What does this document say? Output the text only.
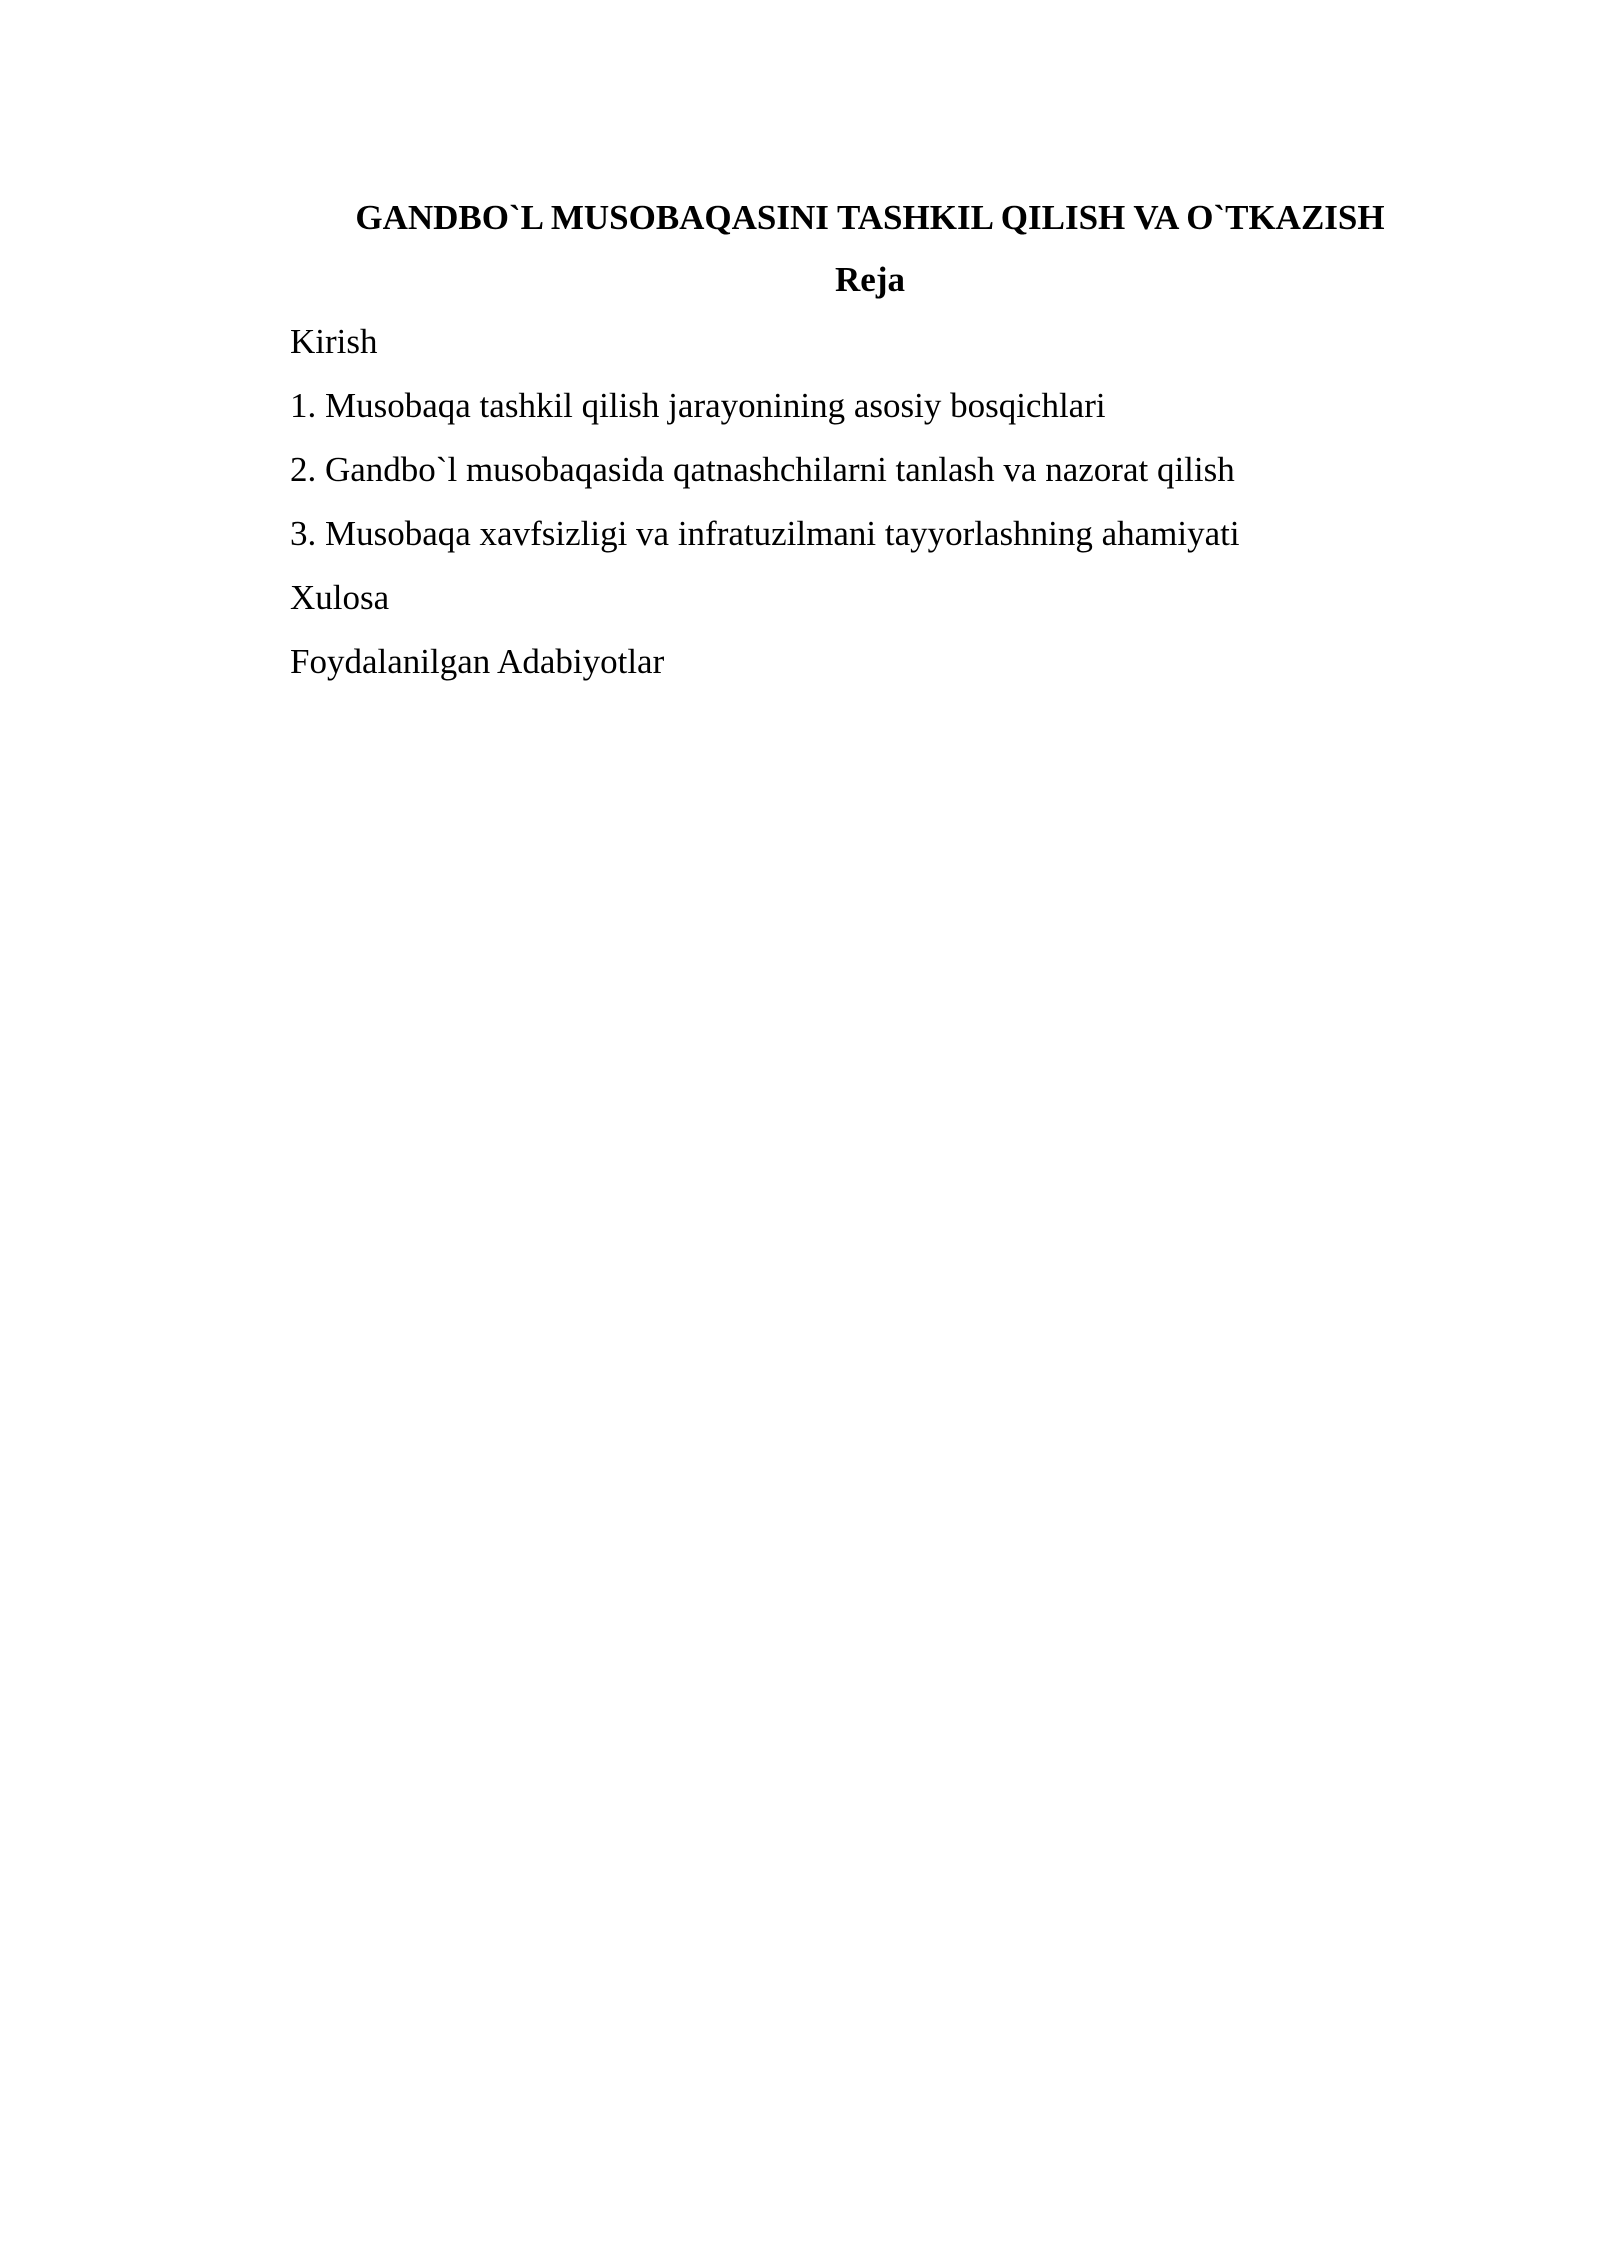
GANDBO`L MUSOBAQASINI TASHKIL QILISH VA O`TKAZISH
Reja
Kirish
1. Musobaqa tashkil qilish jarayonining asosiy bosqichlari
2. Gandbo`l musobaqasida qatnashchilarni tanlash va nazorat qilish
3. Musobaqa xavfsizligi va infratuzilmani tayyorlashning ahamiyati
Xulosa
Foydalanilgan Adabiyotlar
